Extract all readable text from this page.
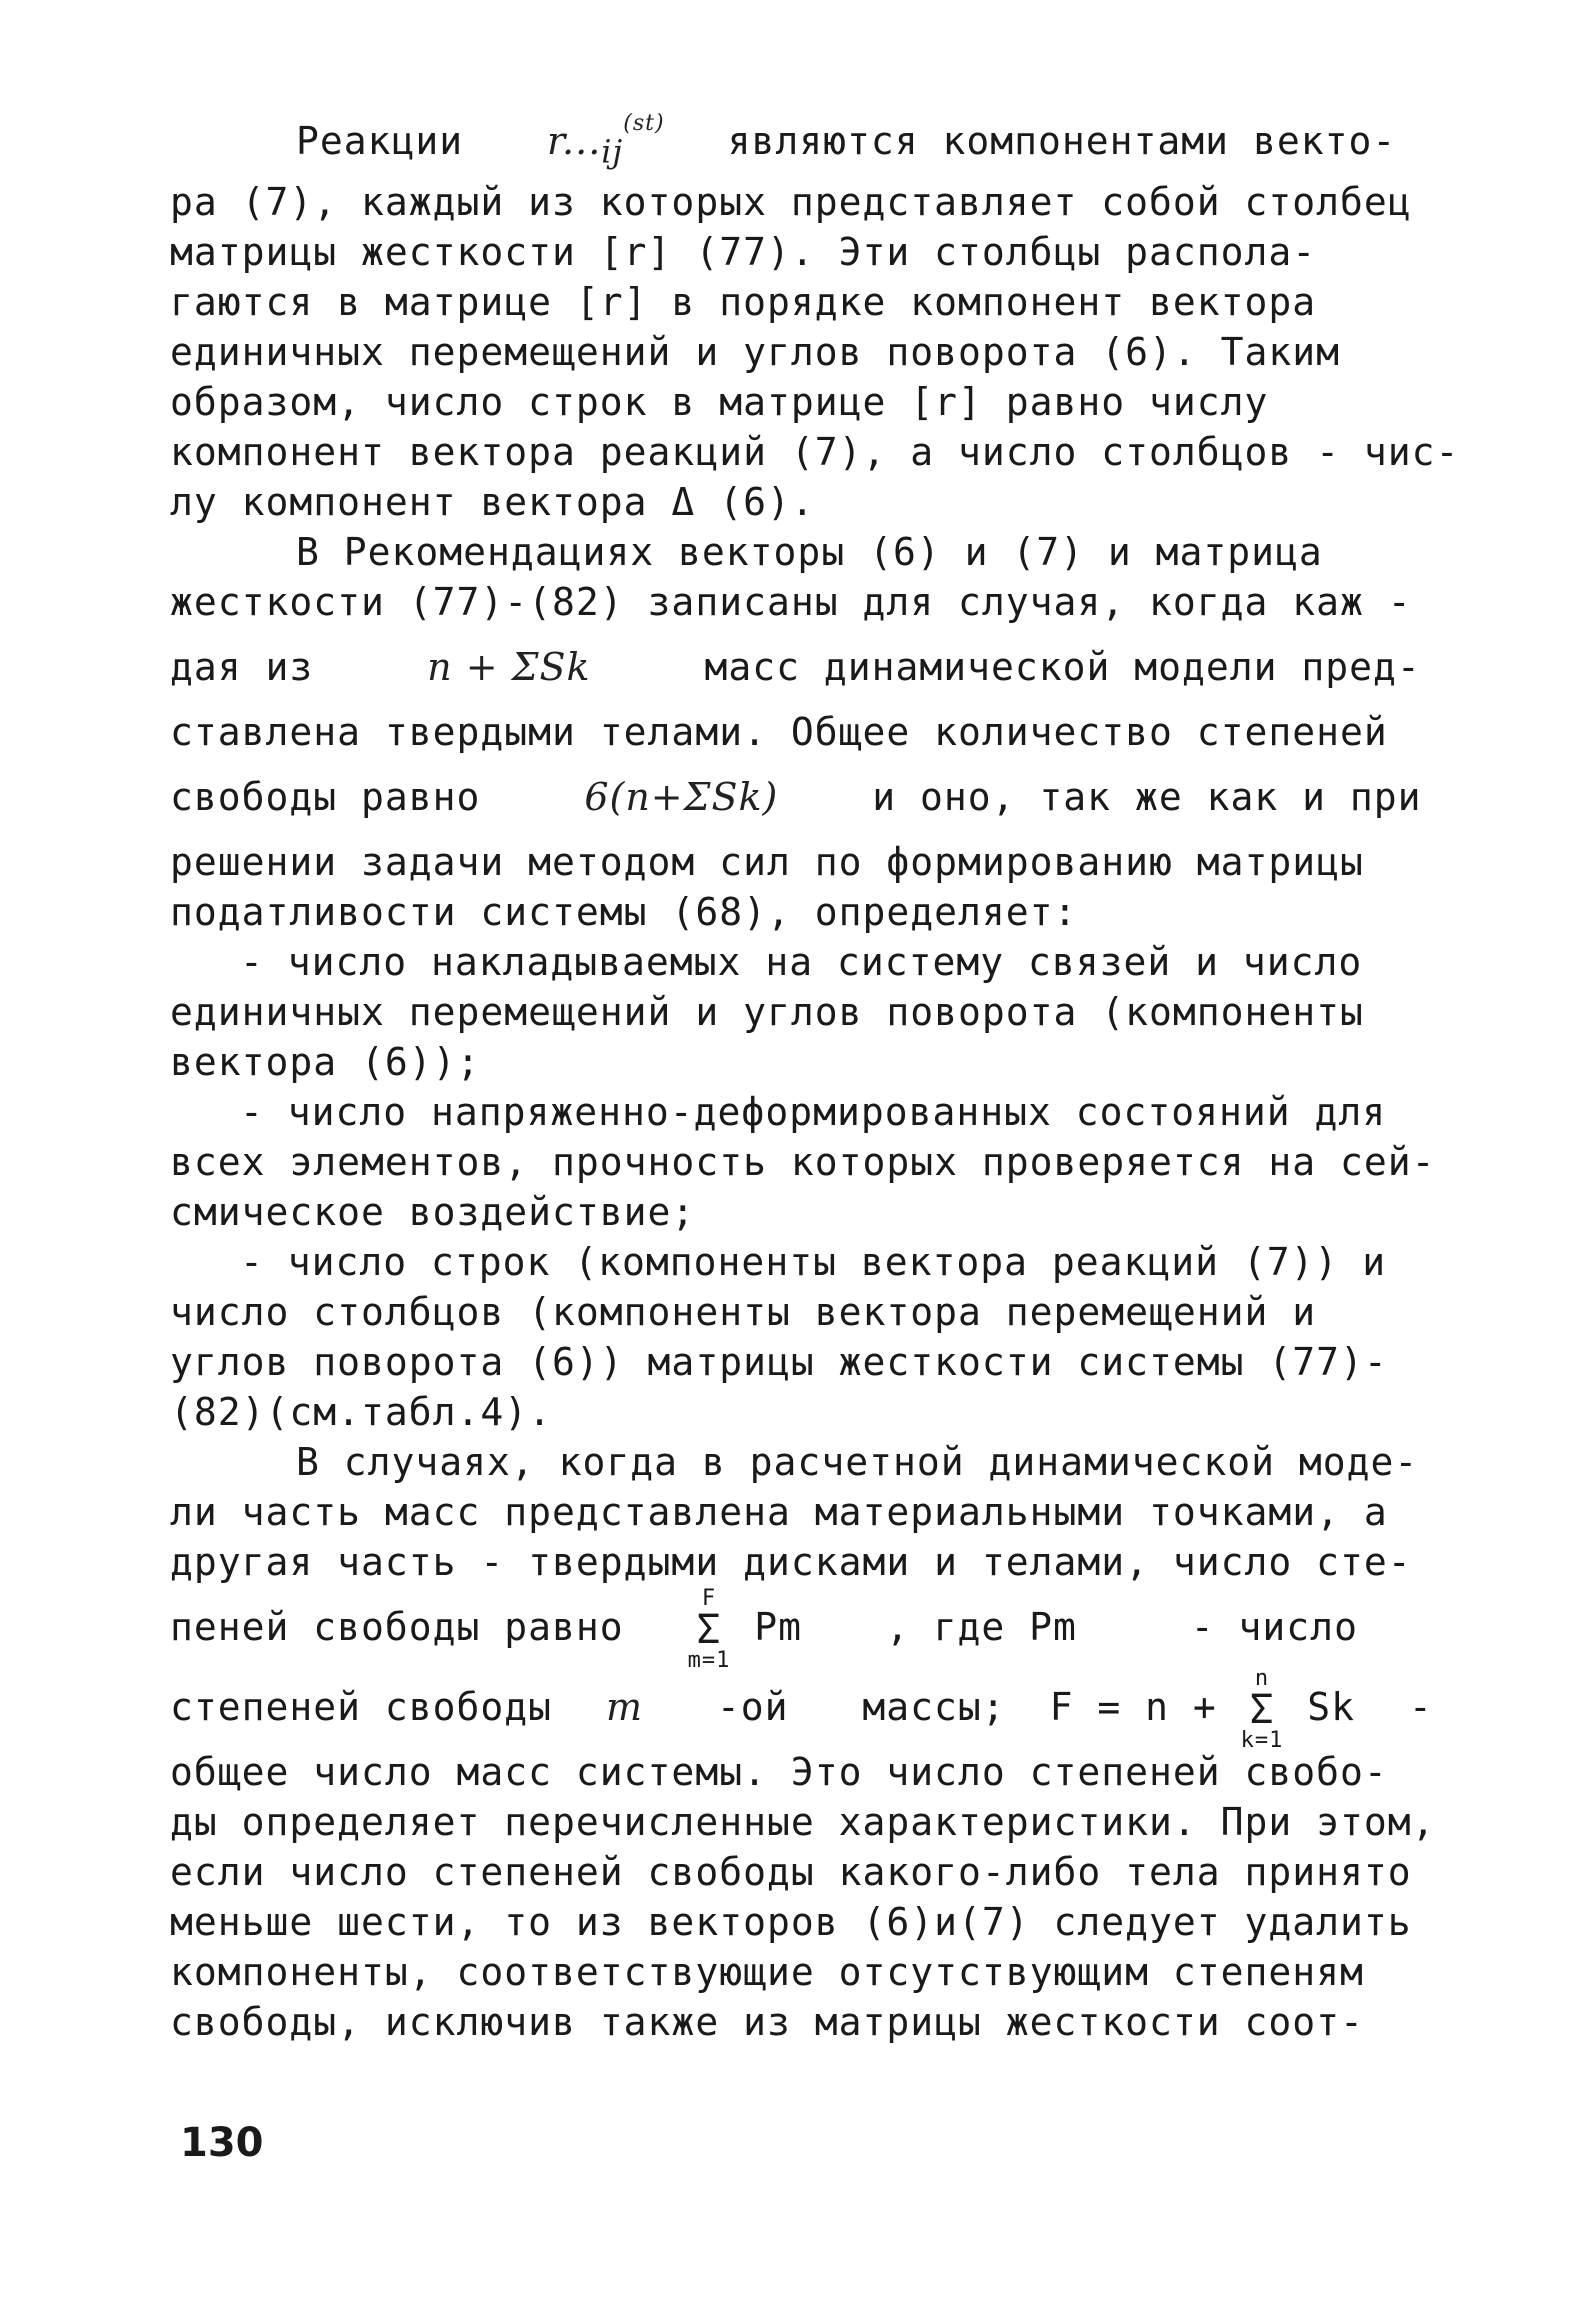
Реакции $r..._{ij}^{(st)}$ являются компонентами векто-
ра (7), каждый из которых представляет собой столбец
матрицы жесткости [r] (77). Эти столбцы распола-
гаются в матрице [r] в порядке компонент вектора
единичных перемещений и углов поворота (6). Таким
образом, число строк в матрице [r] равно числу
компонент вектора реакций (7), а число столбцов - чис-
лу компонент вектора Δ (6).
В Рекомендациях векторы (6) и (7) и матрица
жесткости (77)-(82) записаны для случая, когда каж -
дая из	n + ΣSk	масс динамической модели пред-
ставлена твердыми телами. Общее количество степеней
свободы равно	6(n+ΣSk) и оно, так же как и при
решении задачи методом сил по формированию матрицы
податливости системы (68), определяет:
- число накладываемых на систему связей и число
единичных перемещений и углов поворота (компоненты
вектора (6));
- число напряженно-деформированных состояний для
всех элементов, прочность которых проверяется на сей-
смическое воздействие;
- число строк (компоненты вектора реакций (7)) и
число столбцов (компоненты вектора перемещений и
углов поворота (6)) матрицы жесткости системы (77)-
(82)(см.табл.4).
В случаях, когда в расчетной динамической моде-
ли часть масс представлена материальными точками, а
другая часть - твердыми дисками и телами, число сте-
пеней свободы равно
F
Σ
m=1
Pm , где Pm	- число
степеней свободы m -ой массы; F = n +
n
Σ
k=1
Sk -
общее число масс системы. Это число степеней свобо-
ды определяет перечисленные характеристики. При этом,
если число степеней свободы какого-либо тела принято
меньше шести, то из векторов (6)и(7) следует удалить
компоненты, соответствующие отсутствующим степеням
свободы, исключив также из матрицы жесткости соот-
130
